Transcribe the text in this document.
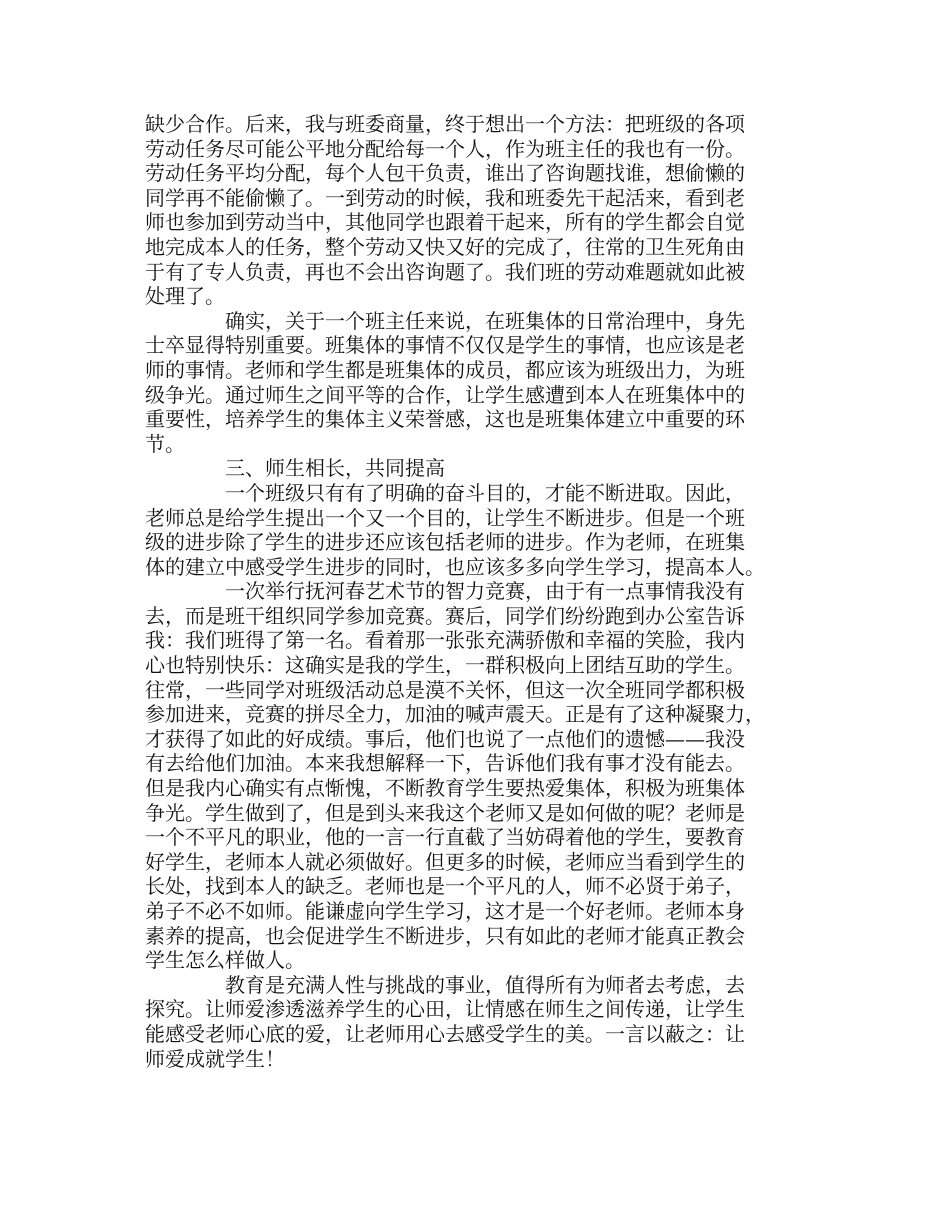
缺少合作。后来，我与班委商量，终于想出一个方法：把班级的各项
劳动任务尽可能公平地分配给每一个人，作为班主任的我也有一份。
劳动任务平均分配，每个人包干负责，谁出了咨询题找谁，想偷懒的
同学再不能偷懒了。一到劳动的时候，我和班委先干起活来，看到老
师也参加到劳动当中，其他同学也跟着干起来，所有的学生都会自觉
地完成本人的任务，整个劳动又快又好的完成了，往常的卫生死角由
于有了专人负责，再也不会出咨询题了。我们班的劳动难题就如此被
处理了。
确实，关于一个班主任来说，在班集体的日常治理中，身先
士卒显得特别重要。班集体的事情不仅仅是学生的事情，也应该是老
师的事情。老师和学生都是班集体的成员，都应该为班级出力，为班
级争光。通过师生之间平等的合作，让学生感遭到本人在班集体中的
重要性，培养学生的集体主义荣誉感，这也是班集体建立中重要的环
节。
三、师生相长，共同提高
一个班级只有有了明确的奋斗目的，才能不断进取。因此，
老师总是给学生提出一个又一个目的，让学生不断进步。但是一个班
级的进步除了学生的进步还应该包括老师的进步。作为老师，在班集
体的建立中感受学生进步的同时，也应该多多向学生学习，提高本人。
一次举行抚河春艺术节的智力竞赛，由于有一点事情我没有
去，而是班干组织同学参加竞赛。赛后，同学们纷纷跑到办公室告诉
我：我们班得了第一名。看着那一张张充满骄傲和幸福的笑脸，我内
心也特别快乐：这确实是我的学生，一群积极向上团结互助的学生。
往常，一些同学对班级活动总是漠不关怀，但这一次全班同学都积极
参加进来，竞赛的拼尽全力，加油的喊声震天。正是有了这种凝聚力，
才获得了如此的好成绩。事后，他们也说了一点他们的遗憾——我没
有去给他们加油。本来我想解释一下，告诉他们我有事才没有能去。
但是我内心确实有点惭愧，不断教育学生要热爱集体，积极为班集体
争光。学生做到了，但是到头来我这个老师又是如何做的呢？老师是
一个不平凡的职业，他的一言一行直截了当妨碍着他的学生，要教育
好学生，老师本人就必须做好。但更多的时候，老师应当看到学生的
长处，找到本人的缺乏。老师也是一个平凡的人，师不必贤于弟子，
弟子不必不如师。能谦虚向学生学习，这才是一个好老师。老师本身
素养的提高，也会促进学生不断进步，只有如此的老师才能真正教会
学生怎么样做人。
教育是充满人性与挑战的事业，值得所有为师者去考虑，去
探究。让师爱渗透滋养学生的心田，让情感在师生之间传递，让学生
能感受老师心底的爱，让老师用心去感受学生的美。一言以蔽之：让
师爱成就学生！
